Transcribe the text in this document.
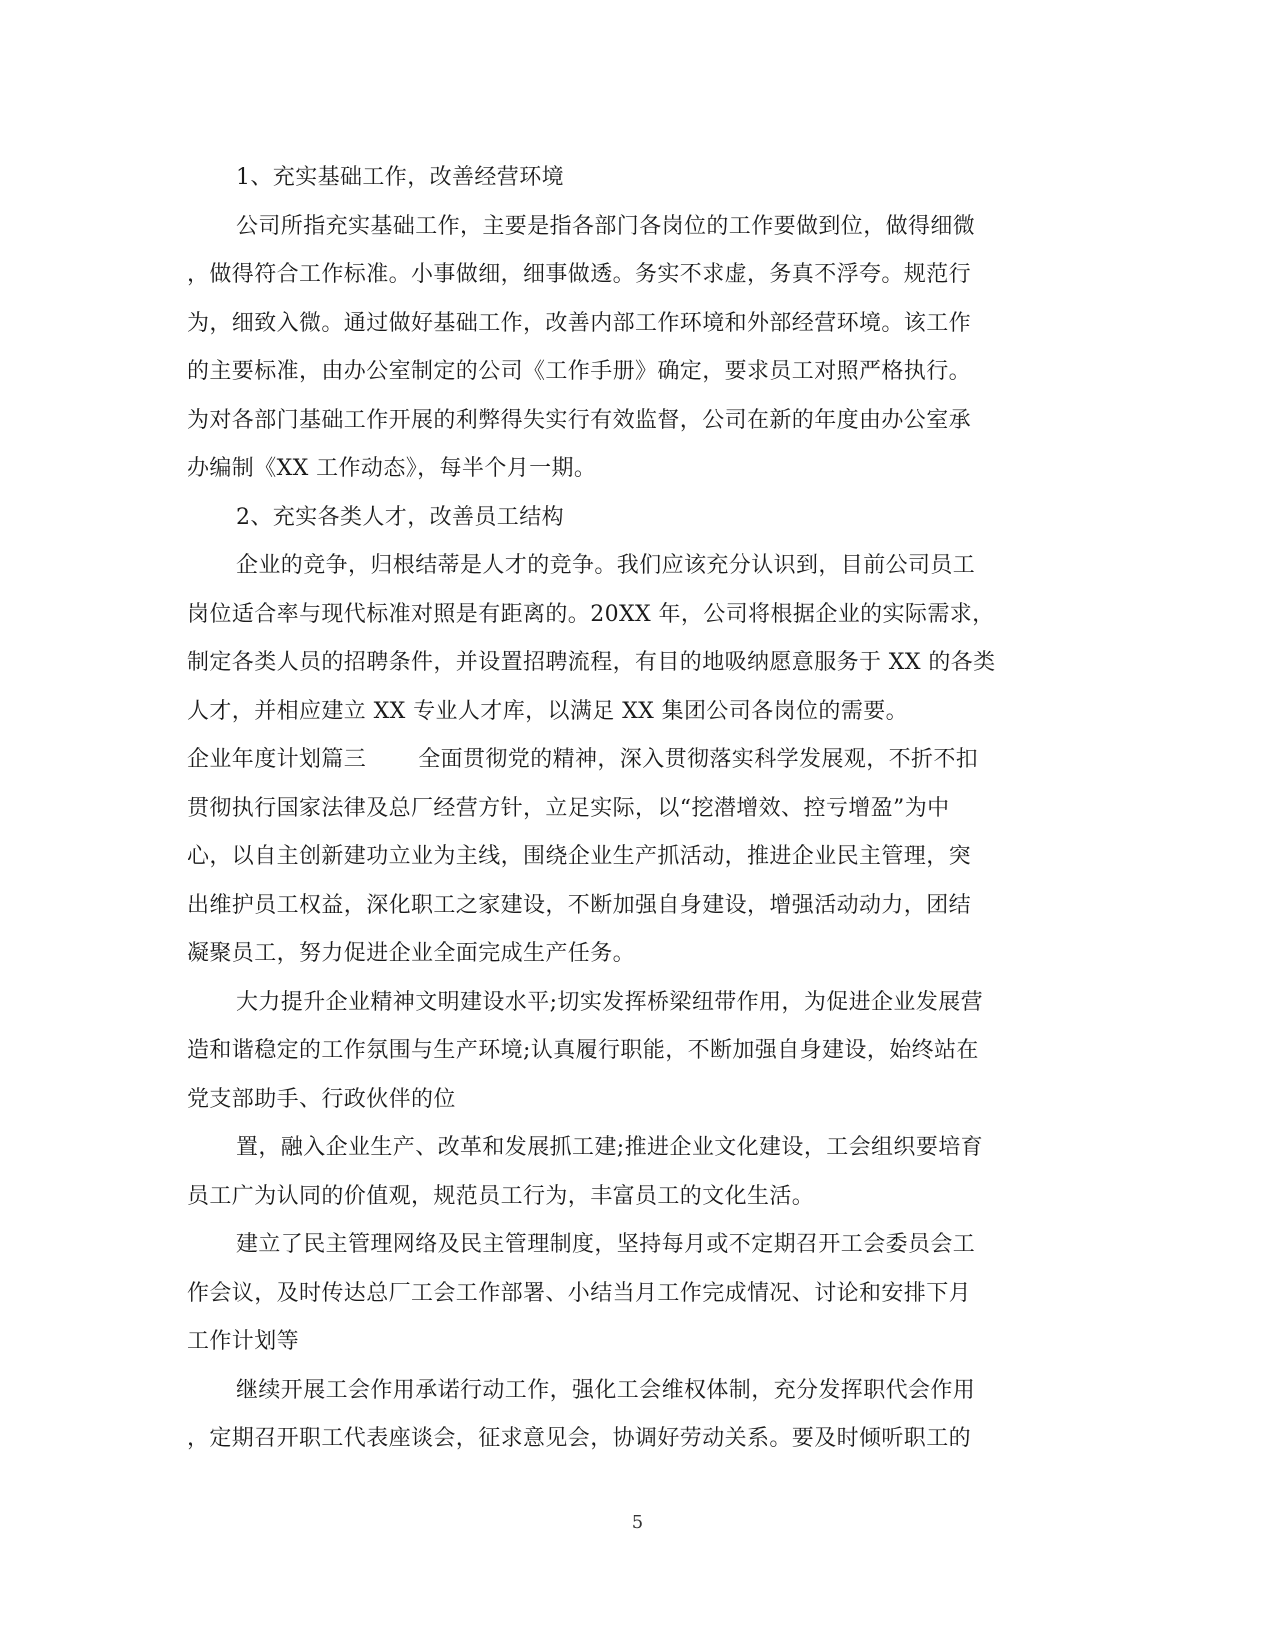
1、充实基础工作，改善经营环境
公司所指充实基础工作，主要是指各部门各岗位的工作要做到位，做得细微
，做得符合工作标准。小事做细，细事做透。务实不求虚，务真不浮夸。规范行
为，细致入微。通过做好基础工作，改善内部工作环境和外部经营环境。该工作
的主要标准，由办公室制定的公司《工作手册》确定，要求员工对照严格执行。
为对各部门基础工作开展的利弊得失实行有效监督，公司在新的年度由办公室承
办编制《XX 工作动态》，每半个月一期。
2、充实各类人才，改善员工结构
企业的竞争，归根结蒂是人才的竞争。我们应该充分认识到，目前公司员工
岗位适合率与现代标准对照是有距离的。20XX 年，公司将根据企业的实际需求，
制定各类人员的招聘条件，并设置招聘流程，有目的地吸纳愿意服务于 XX 的各类
人才，并相应建立 XX 专业人才库，以满足 XX 集团公司各岗位的需要。
企业年度计划篇三 全面贯彻党的精神，深入贯彻落实科学发展观，不折不扣
贯彻执行国家法律及总厂经营方针，立足实际，以“挖潜增效、控亏增盈”为中
心，以自主创新建功立业为主线，围绕企业生产抓活动，推进企业民主管理，突
出维护员工权益，深化职工之家建设，不断加强自身建设，增强活动动力，团结
凝聚员工，努力促进企业全面完成生产任务。
大力提升企业精神文明建设水平;切实发挥桥梁纽带作用，为促进企业发展营
造和谐稳定的工作氛围与生产环境;认真履行职能，不断加强自身建设，始终站在
党支部助手、行政伙伴的位
置，融入企业生产、改革和发展抓工建;推进企业文化建设，工会组织要培育
员工广为认同的价值观，规范员工行为，丰富员工的文化生活。
建立了民主管理网络及民主管理制度，坚持每月或不定期召开工会委员会工
作会议，及时传达总厂工会工作部署、小结当月工作完成情况、讨论和安排下月
工作计划等
继续开展工会作用承诺行动工作，强化工会维权体制，充分发挥职代会作用
，定期召开职工代表座谈会，征求意见会，协调好劳动关系。要及时倾听职工的
5
